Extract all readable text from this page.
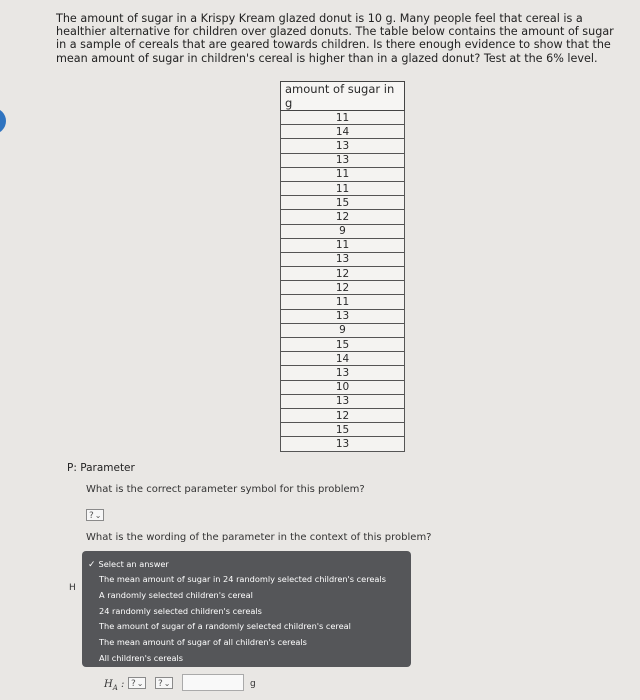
The amount of sugar in a Krispy Kream glazed donut is 10 g. Many people feel that cereal is a healthier alternative for children over glazed donuts. The table below contains the amount of sugar in a sample of cereals that are geared towards children. Is there enough evidence to show that the mean amount of sugar in children's cereal is higher than in a glazed donut? Test at the 6% level.
amount of sugar in g
11
14
13
13
11
11
15
12
9
11
13
12
12
11
13
9
15
14
13
10
13
12
15
13
P: Parameter
What is the correct parameter symbol for this problem?
?⌄
What is the wording of the parameter in the context of this problem?
H
✓ Select an answer
The mean amount of sugar in 24 randomly selected children's cereals
A randomly selected children's cereal
24 randomly selected children's cereals
The amount of sugar of a randomly selected children's cereal
The mean amount of sugar of all children's cereals
All children's cereals
$H_A$ : ?⌄	?⌄	g
